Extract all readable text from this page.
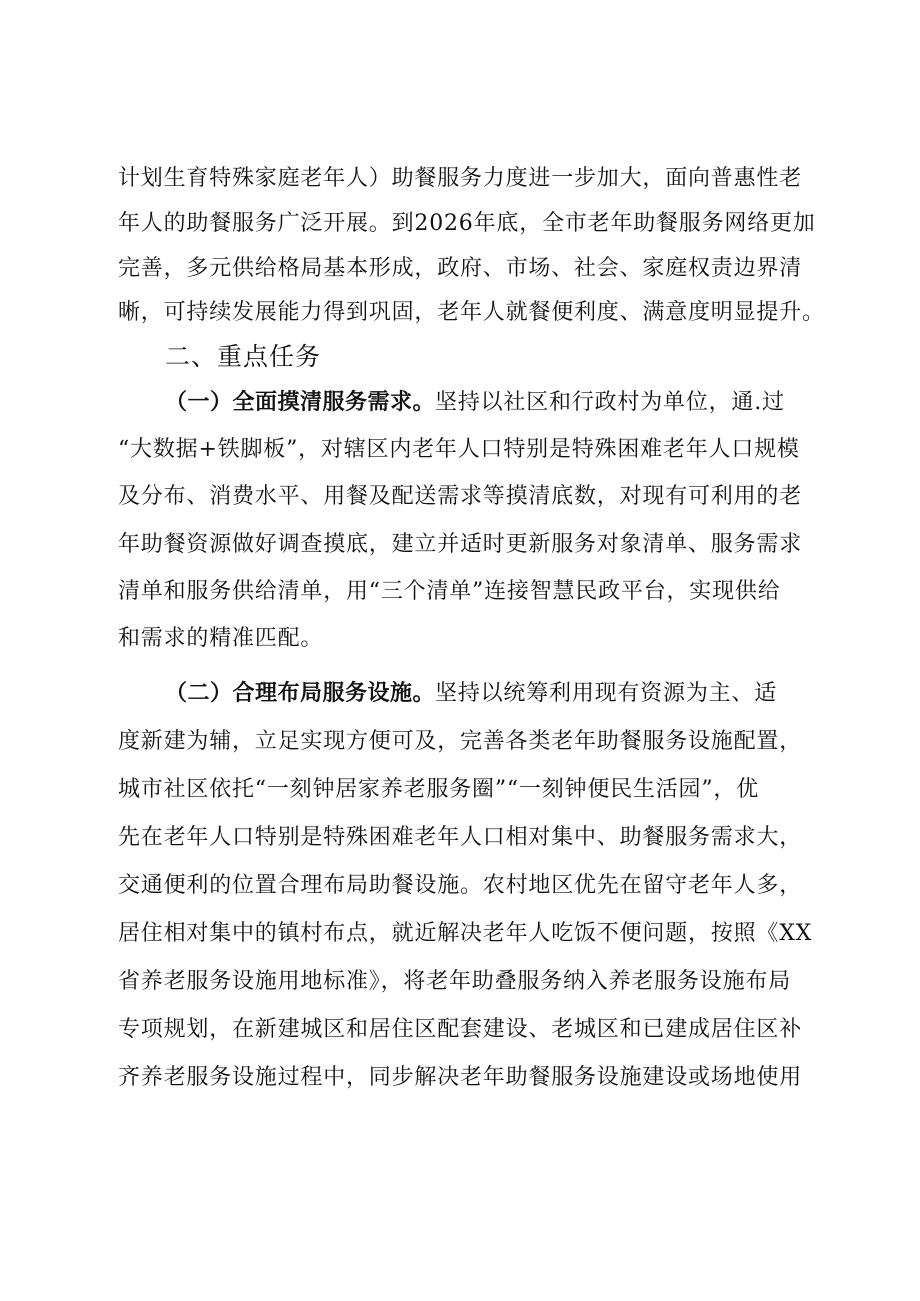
计划生育特殊家庭老年人）助餐服务力度进一步加大，面向普惠性老
年人的助餐服务广泛开展。到2026年底，全市老年助餐服务网络更加
完善，多元供给格局基本形成，政府、市场、社会、家庭权责边界清
晰，可持续发展能力得到巩固，老年人就餐便利度、满意度明显提升。
二、重点任务
（一）全面摸清服务需求。坚持以社区和行政村为单位，通.过
“大数据+铁脚板”，对辖区内老年人口特别是特殊困难老年人口规模
及分布、消费水平、用餐及配送需求等摸清底数，对现有可利用的老
年助餐资源做好调查摸底，建立并适时更新服务对象清单、服务需求
清单和服务供给清单，用“三个清单”连接智慧民政平台，实现供给
和需求的精准匹配。
（二）合理布局服务设施。坚持以统筹利用现有资源为主、适
度新建为辅，立足实现方便可及，完善各类老年助餐服务设施配置，
城市社区依托“一刻钟居家养老服务圈”“一刻钟便民生活园”，优
先在老年人口特别是特殊困难老年人口相对集中、助餐服务需求大，
交通便利的位置合理布局助餐设施。农村地区优先在留守老年人多，
居住相对集中的镇村布点，就近解决老年人吃饭不便问题，按照《XX
省养老服务设施用地标准》，将老年助叠服务纳入养老服务设施布局
专项规划，在新建城区和居住区配套建设、老城区和已建成居住区补
齐养老服务设施过程中，同步解决老年助餐服务设施建设或场地使用
